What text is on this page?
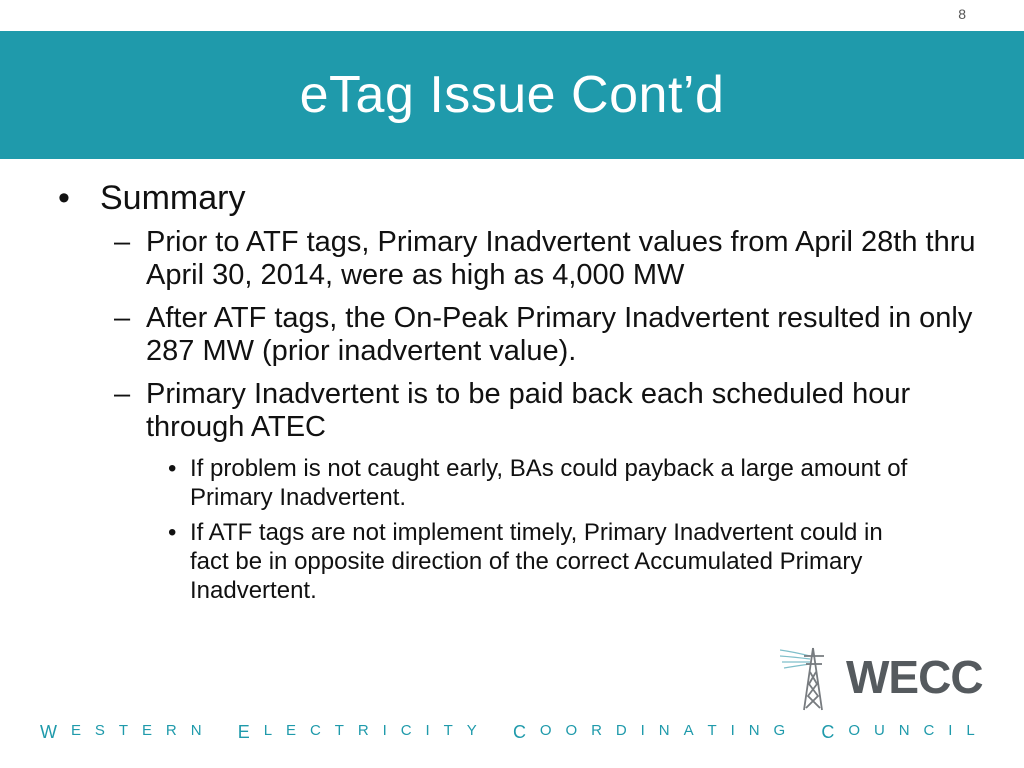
8
eTag Issue Cont’d
• Summary
– Prior to ATF tags, Primary Inadvertent values from April 28th thru April 30, 2014, were as high as 4,000 MW
– After ATF tags, the On-Peak Primary Inadvertent resulted in only 287 MW (prior inadvertent value).
– Primary Inadvertent is to be paid back each scheduled hour through ATEC
• If problem is not caught early, BAs could payback a large amount of Primary Inadvertent.
• If ATF tags are not implement timely, Primary Inadvertent could in fact be in opposite direction of the correct Accumulated Primary Inadvertent.
WECC
W E S T E R N
E L E C T R I C I T Y
C O O R D I N A T I N G
C O U N C I L
